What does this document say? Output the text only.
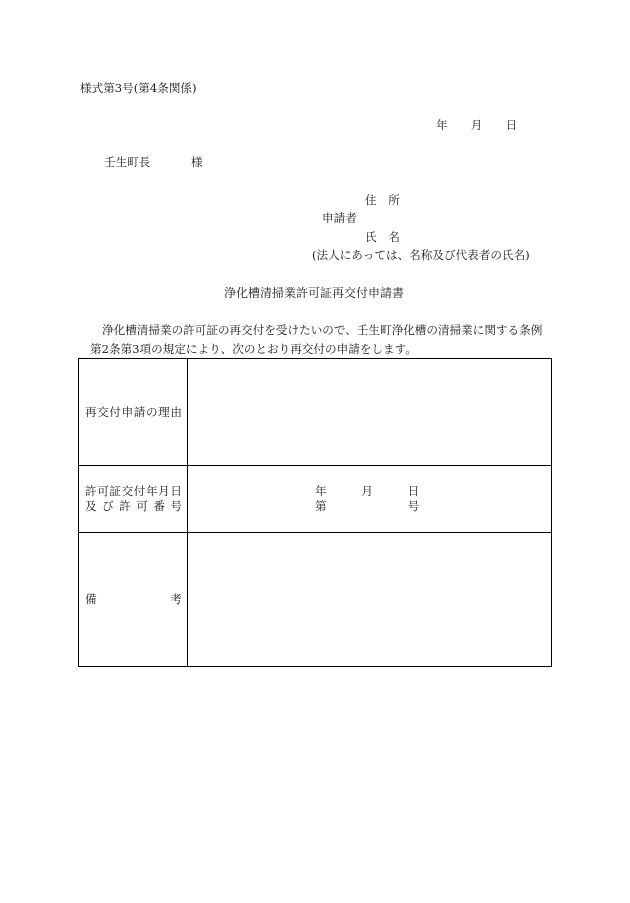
様式第3号(第4条関係)
年　　月　　日
壬生町長	様
住　所
申請者
氏　名
(法人にあっては、名称及び代表者の氏名)
浄化槽清掃業許可証再交付申請書
浄化槽清掃業の許可証の再交付を受けたいので、壬生町浄化槽の清掃業に関する条例
第2条第3項の規定により、次のとおり再交付の申請をします。
再 交 付 申 請 の 理 由
許 可 証 交 付 年 月 日
及 び 許 可 番 号
年　　　月　　　日
第　　　　　　　号
備	考
